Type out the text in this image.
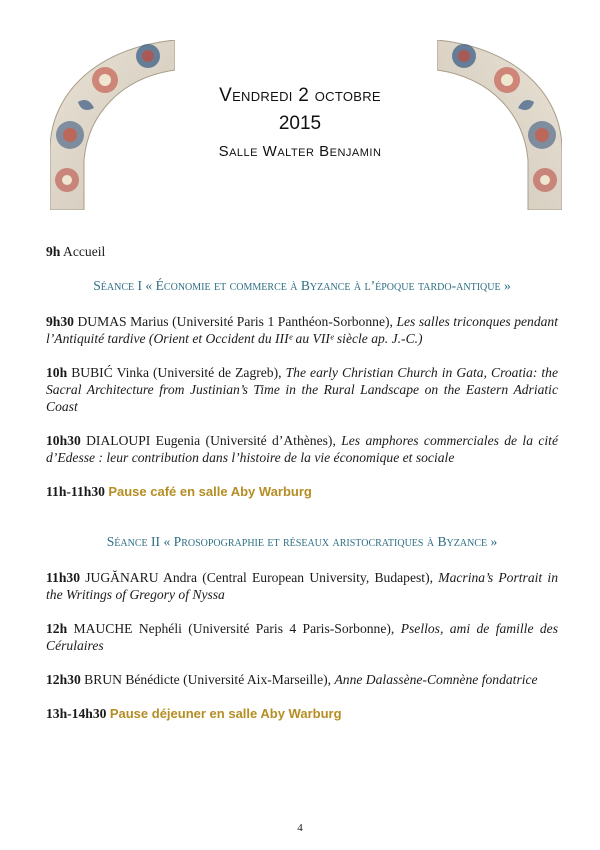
Vendredi 2 octobre
2015
Salle Walter Benjamin
9h Accueil
Séance I « Économie et commerce à Byzance à l’époque tardo-antique »
9h30 DUMAS Marius (Université Paris 1 Panthéon-Sorbonne), Les salles triconques pendant l’Antiquité tardive (Orient et Occident du IIIᵉ au VIIᵉ siècle ap. J.-C.)
10h BUBIĆ Vinka (Université de Zagreb), The early Christian Church in Gata, Croatia: the Sacral Architecture from Justinian’s Time in the Rural Landscape on the Eastern Adriatic Coast
10h30 DIALOUPI Eugenia (Université d’Athènes), Les amphores commerciales de la cité d’Edesse : leur contribution dans l’histoire de la vie économique et sociale
11h-11h30 Pause café en salle Aby Warburg
Séance II « Prosopographie et réseaux aristocratiques à Byzance »
11h30 JUGĂNARU Andra (Central European University, Budapest), Macrina’s Portrait in the Writings of Gregory of Nyssa
12h MAUCHE Nephéli (Université Paris 4 Paris-Sorbonne), Psellos, ami de famille des Cérulaires
12h30 BRUN Bénédicte (Université Aix-Marseille), Anne Dalassène-Comnène fondatrice
13h-14h30 Pause déjeuner en salle Aby Warburg
4
